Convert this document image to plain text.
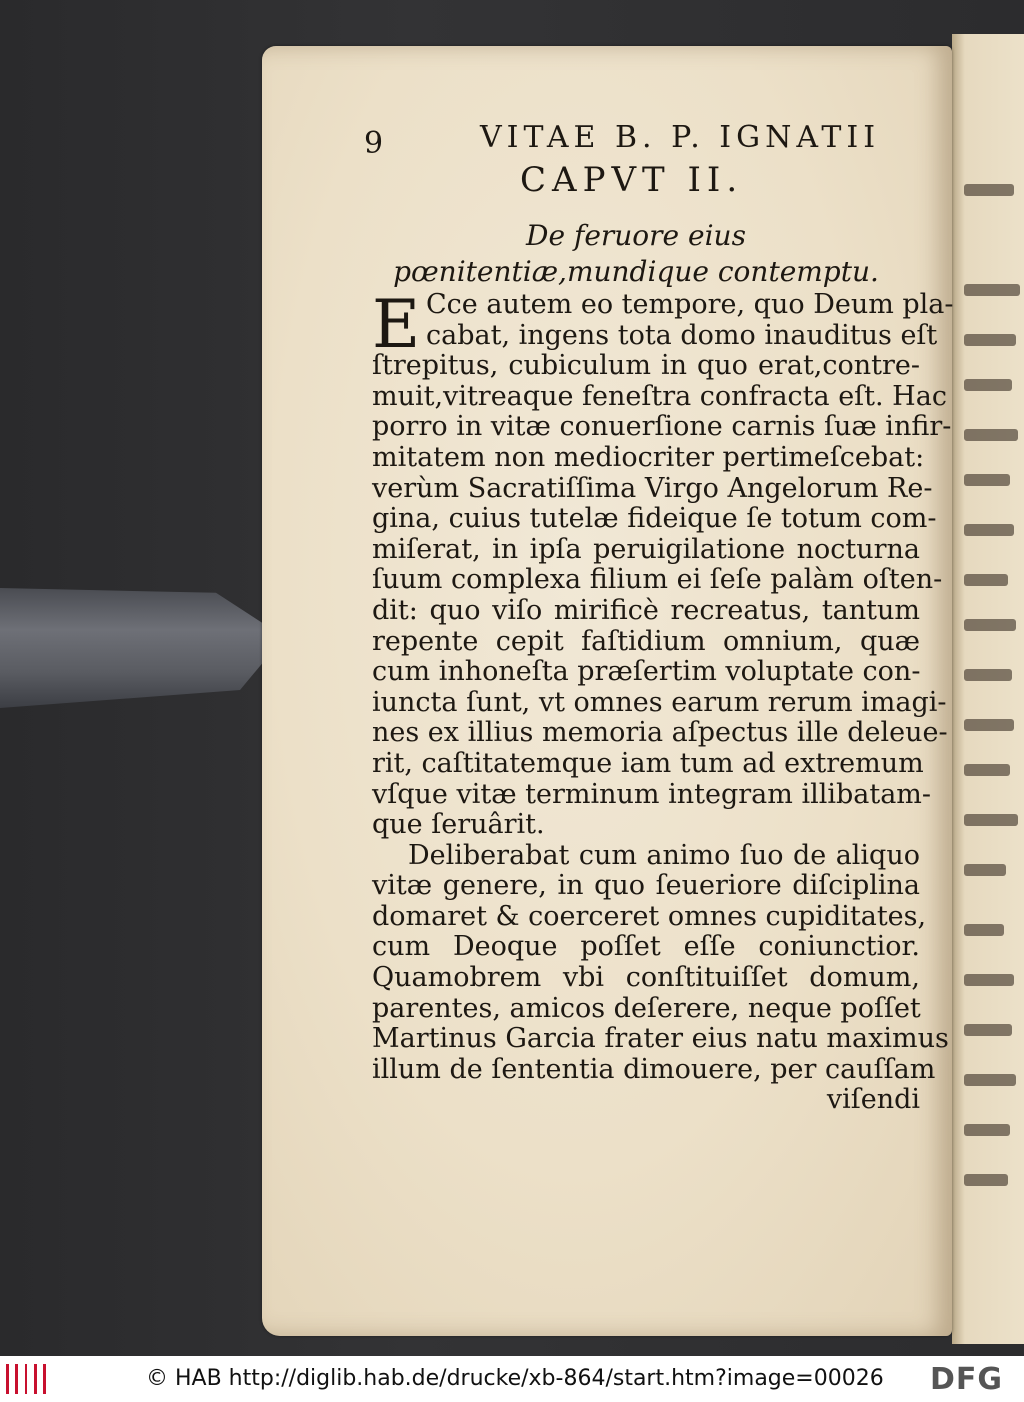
9	VITAE B. P. IGNATII
CAPVT II.
De feruore eius pœnitentiæ,mundique contemptu.
E Cce autem eo tempore, quo Deum pla-
cabat, ingens tota domo inauditus eſt
ſtrepitus, cubiculum in quo erat,contre-
muit,vitreaque feneſtra confracta eſt. Hac
porro in vitæ conuerſione carnis ſuæ infir-
mitatem non mediocriter pertimeſcebat:
verùm Sacratiſſima Virgo Angelorum Re-
gina, cuius tutelæ fideique ſe totum com-
miſerat, in ipſa peruigilatione nocturna
ſuum complexa filium ei ſeſe palàm oſten-
dit: quo viſo mirificè recreatus, tantum
repente cepit faſtidium omnium, quæ
cum inhoneſta præſertim voluptate con-
iuncta ſunt, vt omnes earum rerum imagi-
nes ex illius memoria aſpectus ille deleue-
rit, caſtitatemque iam tum ad extremum
vſque vitæ terminum integram illibatam-
que ſeruârit.
Deliberabat cum animo ſuo de aliquo
vitæ genere, in quo ſeueriore diſciplina
domaret & coerceret omnes cupiditates,
cum Deoque poſſet eſſe coniunctior.
Quamobrem vbi conſtituiſſet domum,
parentes, amicos deſerere, neque poſſet
Martinus Garcia frater eius natu maximus
illum de ſententia dimouere, per cauſſam
viſendi
© HAB http://diglib.hab.de/drucke/xb-864/start.htm?image=00026 DFG
